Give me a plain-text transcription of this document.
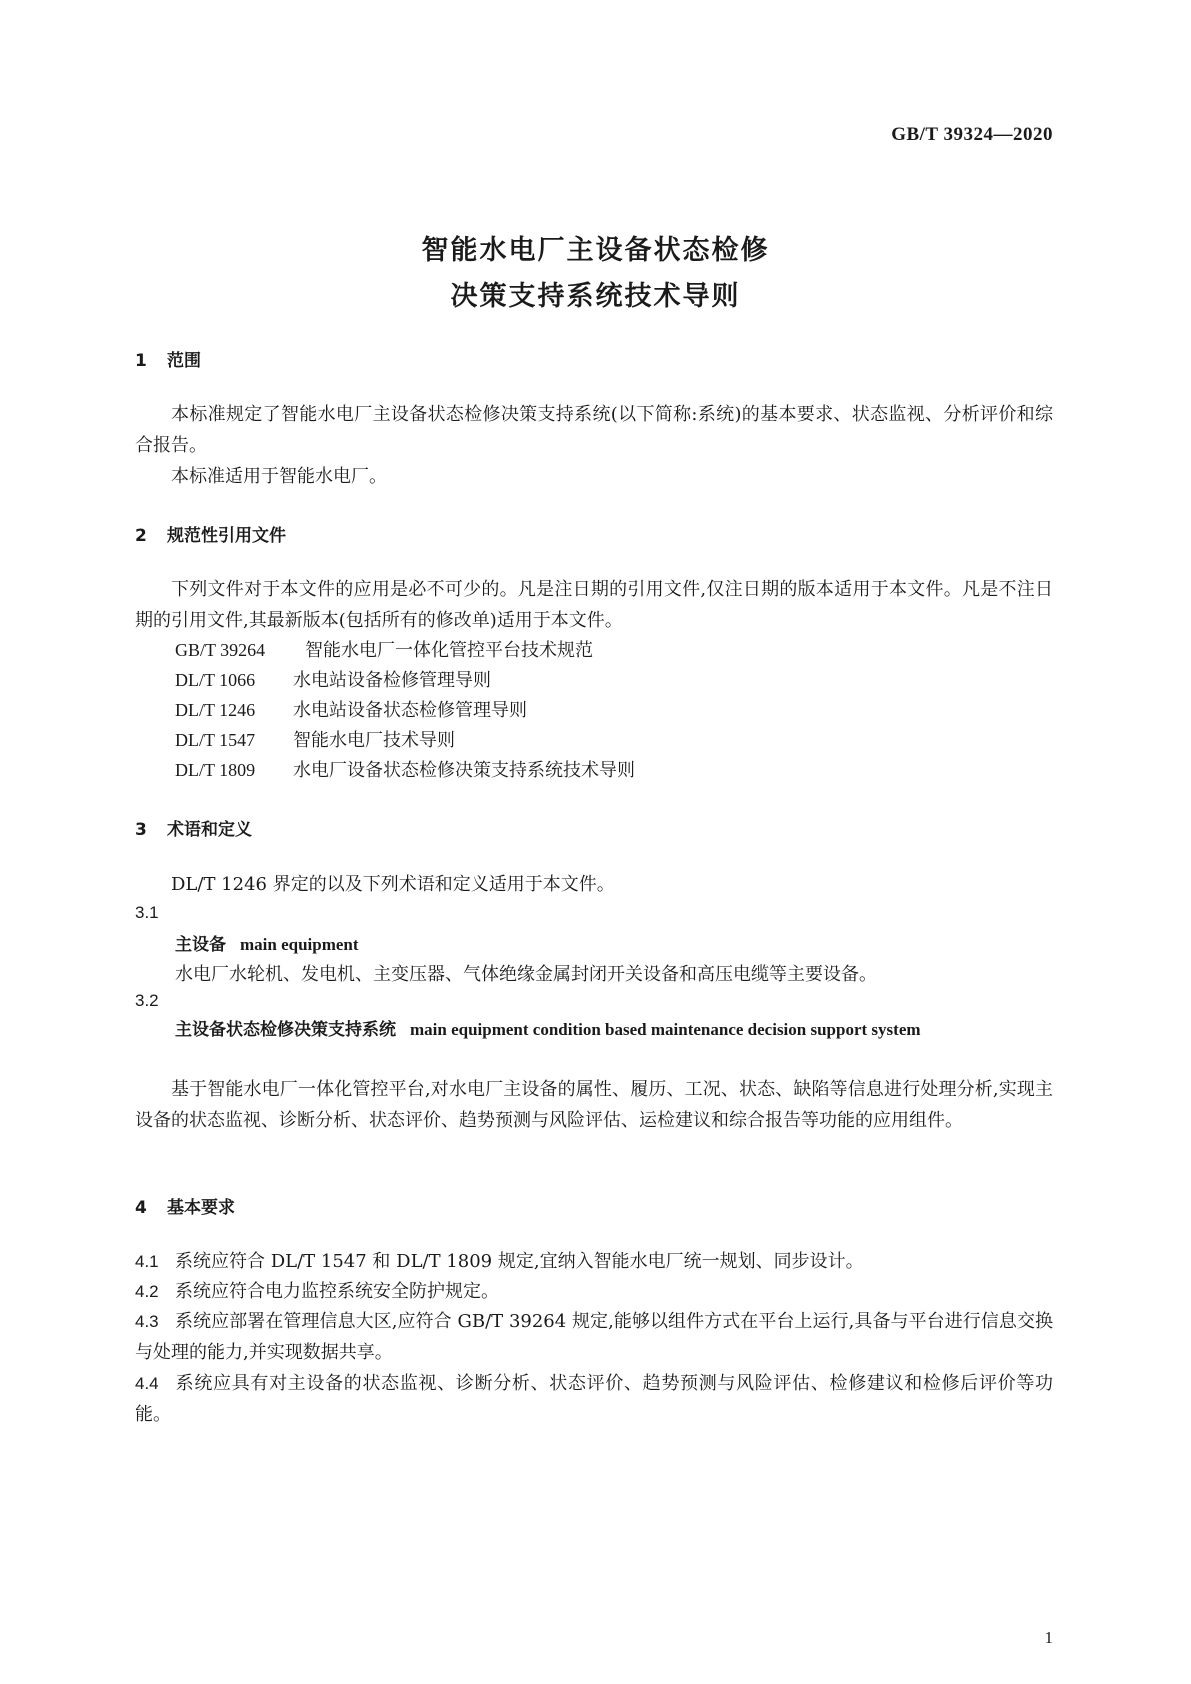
GB/T 39324—2020
智能水电厂主设备状态检修
决策支持系统技术导则
1 范围
本标准规定了智能水电厂主设备状态检修决策支持系统(以下简称:系统)的基本要求、状态监视、分析评价和综合报告。
本标准适用于智能水电厂。
2 规范性引用文件
下列文件对于本文件的应用是必不可少的。凡是注日期的引用文件,仅注日期的版本适用于本文件。凡是不注日期的引用文件,其最新版本(包括所有的修改单)适用于本文件。
GB/T 39264 智能水电厂一体化管控平台技术规范
DL/T 1066 水电站设备检修管理导则
DL/T 1246 水电站设备状态检修管理导则
DL/T 1547 智能水电厂技术导则
DL/T 1809 水电厂设备状态检修决策支持系统技术导则
3 术语和定义
DL/T 1246 界定的以及下列术语和定义适用于本文件。
3.1
主设备 main equipment
水电厂水轮机、发电机、主变压器、气体绝缘金属封闭开关设备和高压电缆等主要设备。
3.2
主设备状态检修决策支持系统 main equipment condition based maintenance decision support system
基于智能水电厂一体化管控平台,对水电厂主设备的属性、履历、工况、状态、缺陷等信息进行处理分析,实现主设备的状态监视、诊断分析、状态评价、趋势预测与风险评估、运检建议和综合报告等功能的应用组件。
4 基本要求
4.1 系统应符合 DL/T 1547 和 DL/T 1809 规定,宜纳入智能水电厂统一规划、同步设计。
4.2 系统应符合电力监控系统安全防护规定。
4.3 系统应部署在管理信息大区,应符合 GB/T 39264 规定,能够以组件方式在平台上运行,具备与平台进行信息交换与处理的能力,并实现数据共享。
4.4 系统应具有对主设备的状态监视、诊断分析、状态评价、趋势预测与风险评估、检修建议和检修后评价等功能。
1
